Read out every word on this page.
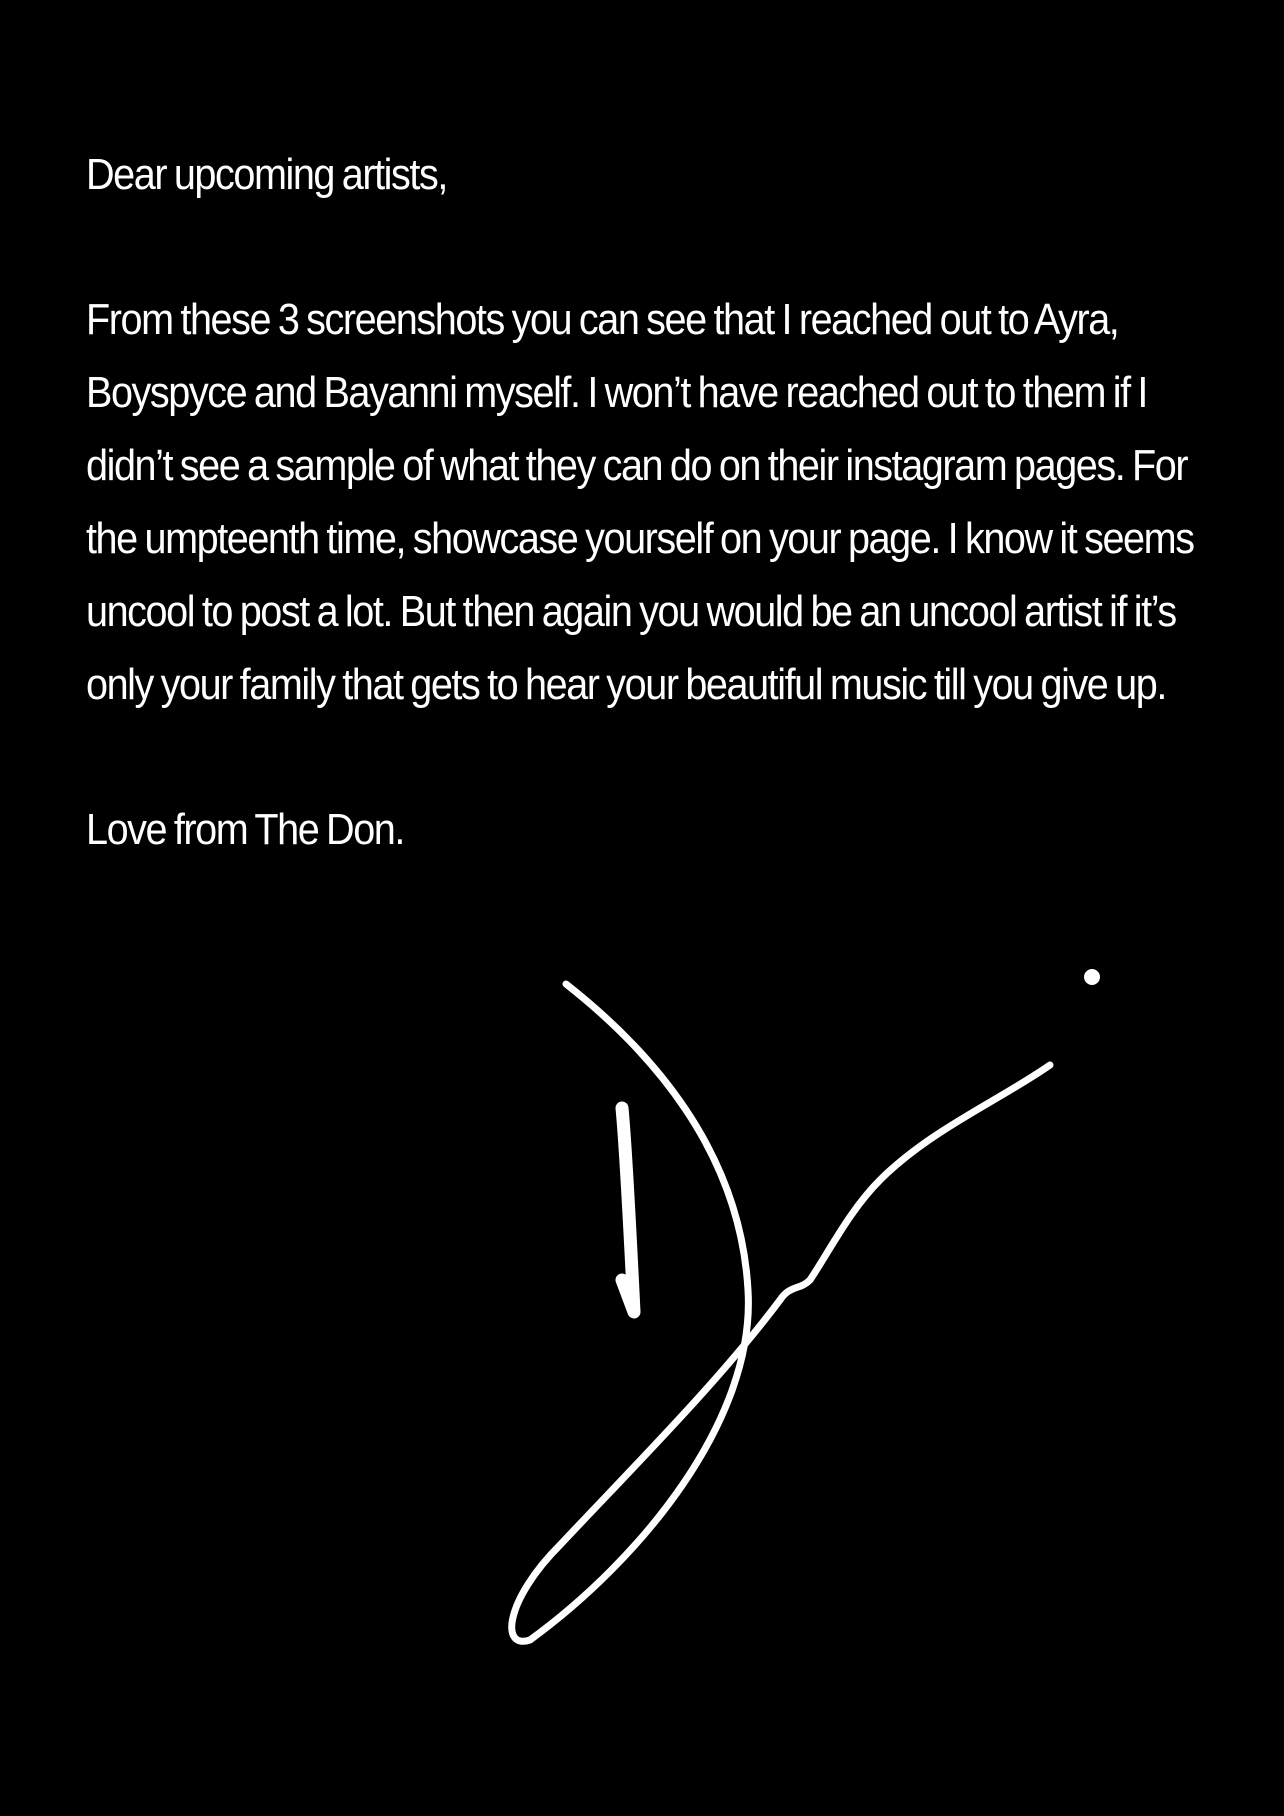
Dear upcoming artists,

From these 3 screenshots you can see that I reached out to Ayra, Boyspyce and Bayanni myself. I won’t have reached out to them if I didn’t see a sample of what they can do on their instagram pages. For the umpteenth time, showcase yourself on your page. I know it seems uncool to post a lot. But then again you would be an uncool artist if it’s only your family that gets to hear your beautiful music till you give up.

Love from The Don.
